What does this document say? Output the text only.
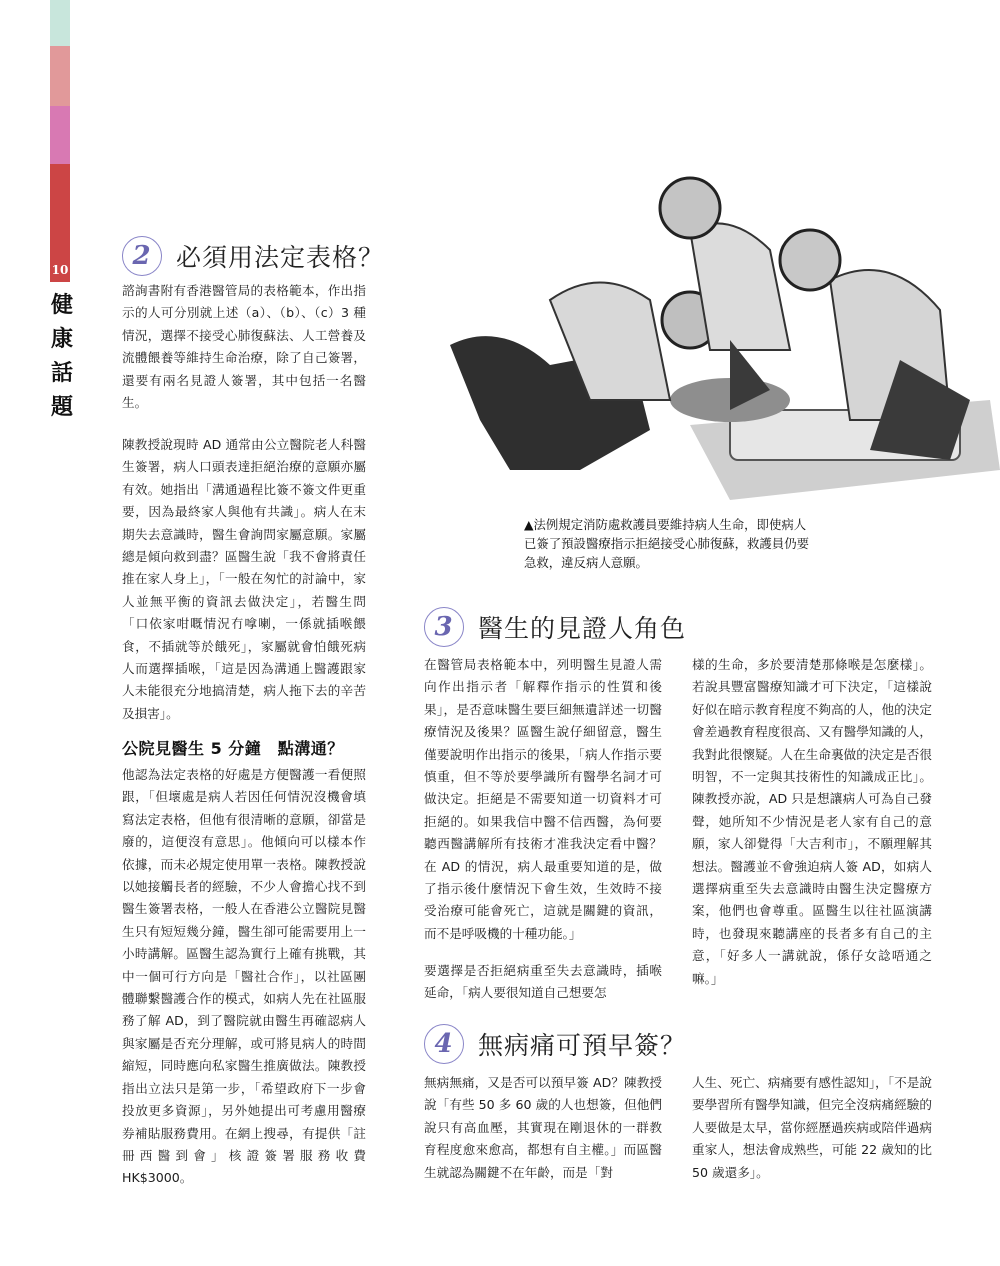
10
健
康
話
題
2 必須用法定表格？

諮詢書附有香港醫管局的表格範本，作出指示的人可分別就上述（a）、（b）、（c）3 種情況，選擇不接受心肺復蘇法、人工營養及流體餵養等維持生命治療，除了自己簽署，還要有兩名見證人簽署，其中包括一名醫生。

陳教授說現時 AD 通常由公立醫院老人科醫生簽署，病人口頭表達拒絕治療的意願亦屬有效。她指出「溝通過程比簽不簽文件更重要，因為最終家人與他有共識」。病人在末期失去意識時，醫生會詢問家屬意願。家屬總是傾向救到盡？區醫生說「我不會將責任推在家人身上」，「一般在匆忙的討論中，家人並無平衡的資訊去做決定」，若醫生問「口依家咁嘅情況冇嗱喇，一係就插喉餵食，不插就等於餓死」，家屬就會怕餓死病人而選擇插喉，「這是因為溝通上醫護跟家人未能很充分地搞清楚，病人拖下去的辛苦及損害」。

公院見醫生 5 分鐘　點溝通？

他認為法定表格的好處是方便醫護一看便照跟，「但壞處是病人若因任何情況沒機會填寫法定表格，但他有很清晰的意願，卻當是廢的，這便沒有意思」。他傾向可以樣本作依據，而未必規定使用單一表格。陳教授說以她接觸長者的經驗，不少人會擔心找不到醫生簽署表格，一般人在香港公立醫院見醫生只有短短幾分鐘，醫生卻可能需要用上一小時講解。區醫生認為實行上確有挑戰，其中一個可行方向是「醫社合作」，以社區團體聯繫醫護合作的模式，如病人先在社區服務了解 AD，到了醫院就由醫生再確認病人與家屬是否充分理解，或可將見病人的時間縮短，同時應向私家醫生推廣做法。陳教授指出立法只是第一步，「希望政府下一步會投放更多資源」，另外她提出可考慮用醫療券補貼服務費用。在網上搜尋，有提供「註冊西醫到會」核證簽署服務收費 HK$3000。

▲法例規定消防處救護員要維持病人生命，即使病人已簽了預設醫療指示拒絕接受心肺復蘇，救護員仍要急救，違反病人意願。

3 醫生的見證人角色

在醫管局表格範本中，列明醫生見證人需向作出指示者「解釋作指示的性質和後果」，是否意味醫生要巨細無遺詳述一切醫療情況及後果？區醫生說仔細留意，醫生僅要說明作出指示的後果，「病人作指示要慎重，但不等於要學識所有醫學名詞才可做決定。拒絕是不需要知道一切資料才可拒絕的。如果我信中醫不信西醫，為何要聽西醫講解所有技術才准我決定看中醫？在 AD 的情況，病人最重要知道的是，做了指示後什麼情況下會生效，生效時不接受治療可能會死亡，這就是關鍵的資訊，而不是呼吸機的十種功能。」

要選擇是否拒絕病重至失去意識時，插喉延命，「病人要很知道自己想要怎

樣的生命，多於要清楚那條喉是怎麼樣」。若說具豐富醫療知識才可下決定，「這樣說好似在暗示教育程度不夠高的人，他的決定會差過教育程度很高、又有醫學知識的人，我對此很懷疑。人在生命裏做的決定是否很明智，不一定與其技術性的知識成正比」。陳教授亦說，AD 只是想讓病人可為自己發聲，她所知不少情況是老人家有自己的意願，家人卻覺得「大吉利市」，不願理解其想法。醫護並不會強迫病人簽 AD，如病人選擇病重至失去意識時由醫生決定醫療方案，他們也會尊重。區醫生以往社區演講時，也發現來聽講座的長者多有自己的主意，「好多人一講就說，係仔女諗唔通之嘛。」

4 無病痛可預早簽？

無病無痛，又是否可以預早簽 AD？陳教授說「有些 50 多 60 歲的人也想簽，但他們說只有高血壓，其實現在剛退休的一群教育程度愈來愈高，都想有自主權。」而區醫生就認為關鍵不在年齡，而是「對

人生、死亡、病痛要有感性認知」，「不是說要學習所有醫學知識，但完全沒病痛經驗的人要做是太早，當你經歷過疾病或陪伴過病重家人，想法會成熟些，可能 22 歲知的比 50 歲還多」。
